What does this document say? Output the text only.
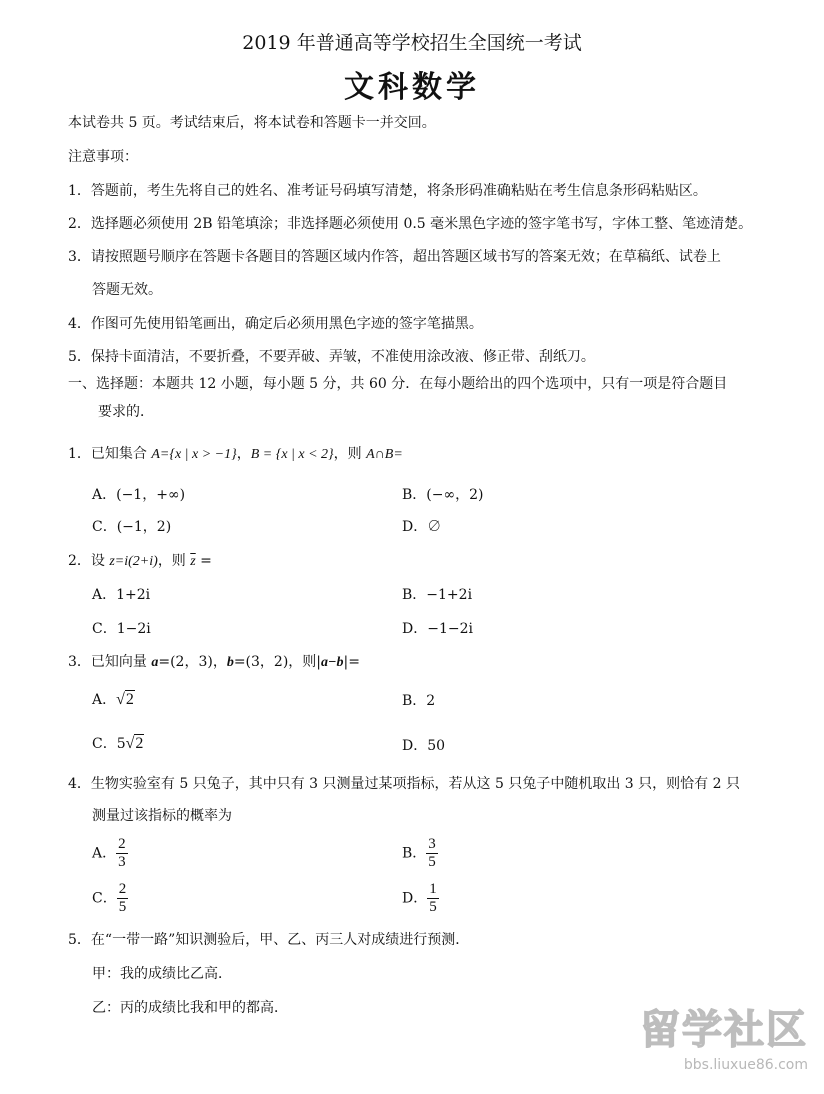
2019 年普通高等学校招生全国统一考试
文科数学
本试卷共 5 页。考试结束后，将本试卷和答题卡一并交回。
注意事项：
1．答题前，考生先将自己的姓名、准考证号码填写清楚，将条形码准确粘贴在考生信息条形码粘贴区。
2．选择题必须使用 2B 铅笔填涂；非选择题必须使用 0.5 毫米黑色字迹的签字笔书写，字体工整、笔迹清楚。
3．请按照题号顺序在答题卡各题目的答题区域内作答，超出答题区域书写的答案无效；在草稿纸、试卷上
答题无效。
4．作图可先使用铅笔画出，确定后必须用黑色字迹的签字笔描黑。
5．保持卡面清洁，不要折叠，不要弄破、弄皱，不准使用涂改液、修正带、刮纸刀。
一、选择题：本题共 12 小题，每小题 5 分，共 60 分．在每小题给出的四个选项中，只有一项是符合题目
要求的．
1．已知集合 A={x | x > −1}，B = {x | x < 2}，则 A∩B=
A．(−1，+∞)	B．(−∞，2)
C．(−1，2)	D．∅
2．设 z=i(2+i)，则 $\overline{z}$ =
A．1+2i	B．−1+2i
C．1−2i	D．−1−2i
3．已知向量 a=(2，3)，b=(3，2)，则|a−b|=
A．√2	B．2
C．5√2	D．50
4．生物实验室有 5 只兔子，其中只有 3 只测量过某项指标，若从这 5 只兔子中随机取出 3 只，则恰有 2 只
测量过该指标的概率为
A． $\frac{2}{3}$	B． $\frac{3}{5}$
C． $\frac{2}{5}$	D． $\frac{1}{5}$
5．在“一带一路”知识测验后，甲、乙、丙三人对成绩进行预测．
甲：我的成绩比乙高．
乙：丙的成绩比我和甲的都高．	留学社区
bbs.liuxue86.com
